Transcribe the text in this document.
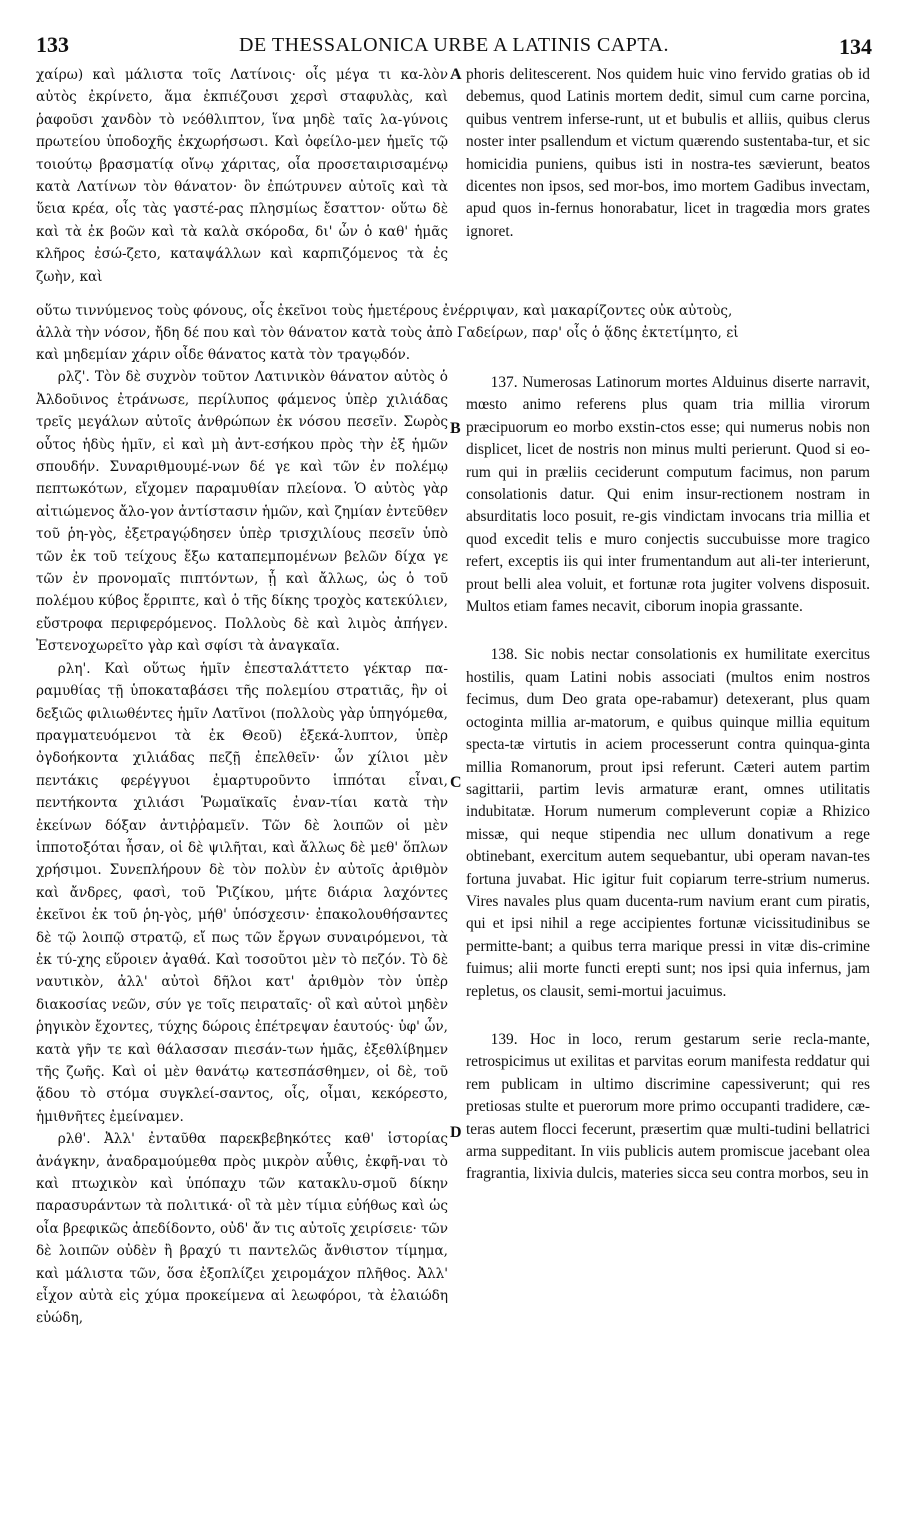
133	DE THESSALONICA URBE A LATINIS CAPTA.	134

χαίρω) καὶ μάλιστα τοῖς Λατίνοις· οἷς μέγα τι κα-λὸν αὐτὸς ἐκρίνετο, ἅμα ἐκπιέζουσι χερσὶ σταφυλὰς, καὶ ῥαφοῦσι χανδὸν τὸ νεόθλιπτον, ἵνα μηδὲ ταῖς λα-γύνοις πρωτείου ὑποδοχῆς ἐκχωρήσωσι. Καὶ ὀφείλο-μεν ἡμεῖς τῷ τοιούτῳ βρασματίᾳ οἴνῳ χάριτας, οἷα προσεταιρισαμένῳ κατὰ Λατίνων τὸν θάνατον· ὃν ἐπώτρυνεν αὐτοῖς καὶ τὰ ὕεια κρέα, οἷς τὰς γαστέ-ρας πλησμίως ἔσαττον· οὕτω δὲ καὶ τὰ ἐκ βοῶν καὶ τὰ καλὰ σκόροδα, δι' ὧν ὁ καθ' ἡμᾶς κλῆρος ἐσώ-ζετο, καταψάλλων καὶ καρπιζόμενος τὰ ἐς ζωὴν, καὶ

phoris delitescerent. Nos quidem huic vino fervido gratias ob id debemus, quod Latinis mortem dedit, simul cum carne porcina, quibus ventrem inferse-runt, ut et bubulis et alliis, quibus clerus noster inter psallendum et victum quærendo sustentaba-tur, et sic homicidia puniens, quibus isti in nostra-tes sævierunt, beatos dicentes non ipsos, sed mor-bos, imo mortem Gadibus invectam, apud quos in-fernus honorabatur, licet in tragœdia mors grates ignoret.

οὕτω τιννύμενος τοὺς φόνους, οἷς ἐκεῖνοι τοὺς ἡμετέρους ἐνέρριψαν, καὶ μακαρίζοντες οὐκ αὐτοὺς,
ἀλλὰ τὴν νόσον, ἤδη δέ που καὶ τὸν θάνατον κατὰ τοὺς ἀπὸ Γαδείρων, παρ' οἷς ὁ ᾅδης ἐκτετίμητο, εἰ

καὶ μηδεμίαν χάριν οἶδε θάνατος κατὰ τὸν τραγῳδόν.

ρλζ'. Τὸν δὲ συχνὸν τοῦτον Λατινικὸν θάνατον αὐτὸς ὁ Ἀλδοῦινος ἐτράνωσε, περίλυπος φάμενος ὑπὲρ χιλιάδας τρεῖς μεγάλων αὐτοῖς ἀνθρώπων ἐκ νόσου πεσεῖν. Σωρὸς οὗτος ἡδὺς ἡμῖν, εἰ καὶ μὴ ἀντ-εσήκου πρὸς τὴν ἐξ ἡμῶν σπουδήν. Συναριθμουμέ-νων δέ γε καὶ τῶν ἐν πολέμῳ πεπτωκότων, εἴχομεν παραμυθίαν πλείονα. Ὁ αὐτὸς γὰρ αἰτιώμενος ἄλο-γον ἀντίστασιν ἡμῶν, καὶ ζημίαν ἐντεῦθεν τοῦ ῥη-γὸς, ἐξετραγῴδησεν ὑπὲρ τρισχιλίους πεσεῖν ὑπὸ τῶν ἐκ τοῦ τείχους ἔξω καταπεμπομένων βελῶν δίχα γε τῶν ἐν προνομαῖς πιπτόντων, ᾗ καὶ ἄλλως, ὡς ὁ τοῦ πολέμου κύβος ἔρριπτε, καὶ ὁ τῆς δίκης τροχὸς κατεκύλιεν, εὔστροφα περιφερόμενος. Πολλοὺς δὲ καὶ λιμὸς ἀπήγεν. Ἐστενοχωρεῖτο γὰρ καὶ σφίσι τὰ ἀναγκαῖα.

ρλη'. Καὶ οὕτως ἡμῖν ἐπεσταλάττετο γέκταρ πα-ραμυθίας τῇ ὑποκαταβάσει τῆς πολεμίου στρατιᾶς, ἣν οἱ δεξιῶς φιλιωθέντες ἡμῖν Λατῖνοι (πολλοὺς γὰρ ὑπηγόμεθα, πραγματευόμενοι τὰ ἐκ Θεοῦ) ἐξεκά-λυπτον, ὑπὲρ ὀγδοήκοντα χιλιάδας πεζῇ ἐπελθεῖν· ὧν χίλιοι μὲν πεντάκις φερέγγυοι ἐμαρτυροῦντο ἱππόται εἶναι, πεντήκοντα χιλιάσι Ῥωμαϊκαῖς ἐναν-τίαι κατὰ τὴν ἐκείνων δόξαν ἀντιῤῥαμεῖν. Τῶν δὲ λοιπῶν οἱ μὲν ἱπποτοξόται ἦσαν, οἱ δὲ ψιλῆται, καὶ ἄλλως δὲ μεθ' ὅπλων χρήσιμοι. Συνεπλήρουν δὲ τὸν πολὺν ἐν αὐτοῖς ἀριθμὸν καὶ ἄνδρες, φασὶ, τοῦ Ῥιζίκου, μήτε διάρια λαχόντες ἐκεῖνοι ἐκ τοῦ ῥη-γὸς, μήθ' ὑπόσχεσιν· ἐπακολουθήσαντες δὲ τῷ λοιπῷ στρατῷ, εἴ πως τῶν ἔργων συναιρόμενοι, τὰ ἐκ τύ-χης εὕροιεν ἀγαθά. Καὶ τοσοῦτοι μὲν τὸ πεζόν. Τὸ δὲ ναυτικὸν, ἀλλ' αὐτοὶ δῆλοι κατ' ἀριθμὸν τὸν ὑπὲρ διακοσίας νεῶν, σύν γε τοῖς πειραταῖς· οἳ καὶ αὐτοὶ μηδὲν ῥηγικὸν ἔχοντες, τύχης δώροις ἐπέτρεψαν ἑαυτούς· ὑφ' ὧν, κατὰ γῆν τε καὶ θάλασσαν πιεσάν-των ἡμᾶς, ἐξεθλίβημεν τῆς ζωῆς. Καὶ οἱ μὲν θανάτῳ κατεσπάσθημεν, οἱ δὲ, τοῦ ᾅδου τὸ στόμα συγκλεί-σαντος, οἷς, οἶμαι, κεκόρεστο, ἡμιθνῆτες ἐμείναμεν.

ρλθ'. Ἀλλ' ἐνταῦθα παρεκβεβηκότες καθ' ἱστορίας ἀνάγκην, ἀναδραμούμεθα πρὸς μικρὸν αὖθις, ἐκφῆ-ναι τὸ καὶ πτωχικὸν καὶ ὑπόπαχυ τῶν κατακλυ-σμοῦ δίκην παρασυράντων τὰ πολιτικά· οἳ τὰ μὲν τίμια εὐήθως καὶ ὡς οἷα βρεφικῶς ἀπεδίδοντο, οὐδ' ἄν τις αὐτοῖς χειρίσειε· τῶν δὲ λοιπῶν οὐδὲν ἢ βραχύ τι παντελῶς ἄνθιστον τίμημα, καὶ μάλιστα τῶν, ὅσα ἐξοπλίζει χειρομάχον πλῆθος. Ἀλλ' εἶχον αὐτὰ εἰς χύμα προκείμενα αἱ λεωφόροι, τὰ ἐλαιώδη εὐώδη,

137. Numerosas Latinorum mortes Alduinus diserte narravit, mœsto animo referens plus quam tria millia virorum præcipuorum eo morbo exstin-ctos esse; qui numerus nobis non displicet, licet de nostris non minus multi perierunt. Quod si eo-rum qui in præliis ceciderunt computum facimus, non parum consolationis datur. Qui enim insur-rectionem nostram in absurditatis loco posuit, re-gis vindictam invocans tria millia et quod excedit telis e muro conjectis succubuisse more tragico refert, exceptis iis qui inter frumentandum aut ali-ter interierunt, prout belli alea voluit, et fortunæ rota jugiter volvens disposuit. Multos etiam fames necavit, ciborum inopia grassante.

138. Sic nobis nectar consolationis ex humilitate exercitus hostilis, quam Latini nobis associati (multos enim nostros fecimus, dum Deo grata ope-rabamur) detexerant, plus quam octoginta millia ar-matorum, e quibus quinque millia equitum specta-tæ virtutis in aciem processerunt contra quinqua-ginta millia Romanorum, prout ipsi referunt. Cæteri autem partim sagittarii, partim levis armaturæ erant, omnes utilitatis indubitatæ. Horum numerum compleverunt copiæ a Rhizico missæ, qui neque stipendia nec ullum donativum a rege obtinebant, exercitum autem sequebantur, ubi operam navan-tes fortuna juvabat. Hic igitur fuit copiarum terre-strium numerus. Vires navales plus quam ducenta-rum navium erant cum piratis, qui et ipsi nihil a rege accipientes fortunæ vicissitudinibus se permitte-bant; a quibus terra marique pressi in vitæ dis-crimine fuimus; alii morte functi erepti sunt; nos ipsi quia infernus, jam repletus, os clausit, semi-mortui jacuimus.

139. Hoc in loco, rerum gestarum serie recla-mante, retrospicimus ut exilitas et parvitas eorum manifesta reddatur qui rem publicam in ultimo discrimine capessiverunt; qui res pretiosas stulte et puerorum more primo occupanti tradidere, cæ-teras autem flocci fecerunt, præsertim quæ multi-tudini bellatrici arma suppeditant. In viis publicis autem promiscue jacebant olea fragrantia, lixivia dulcis, materies sicca seu contra morbos, seu in

A
B
C
D
